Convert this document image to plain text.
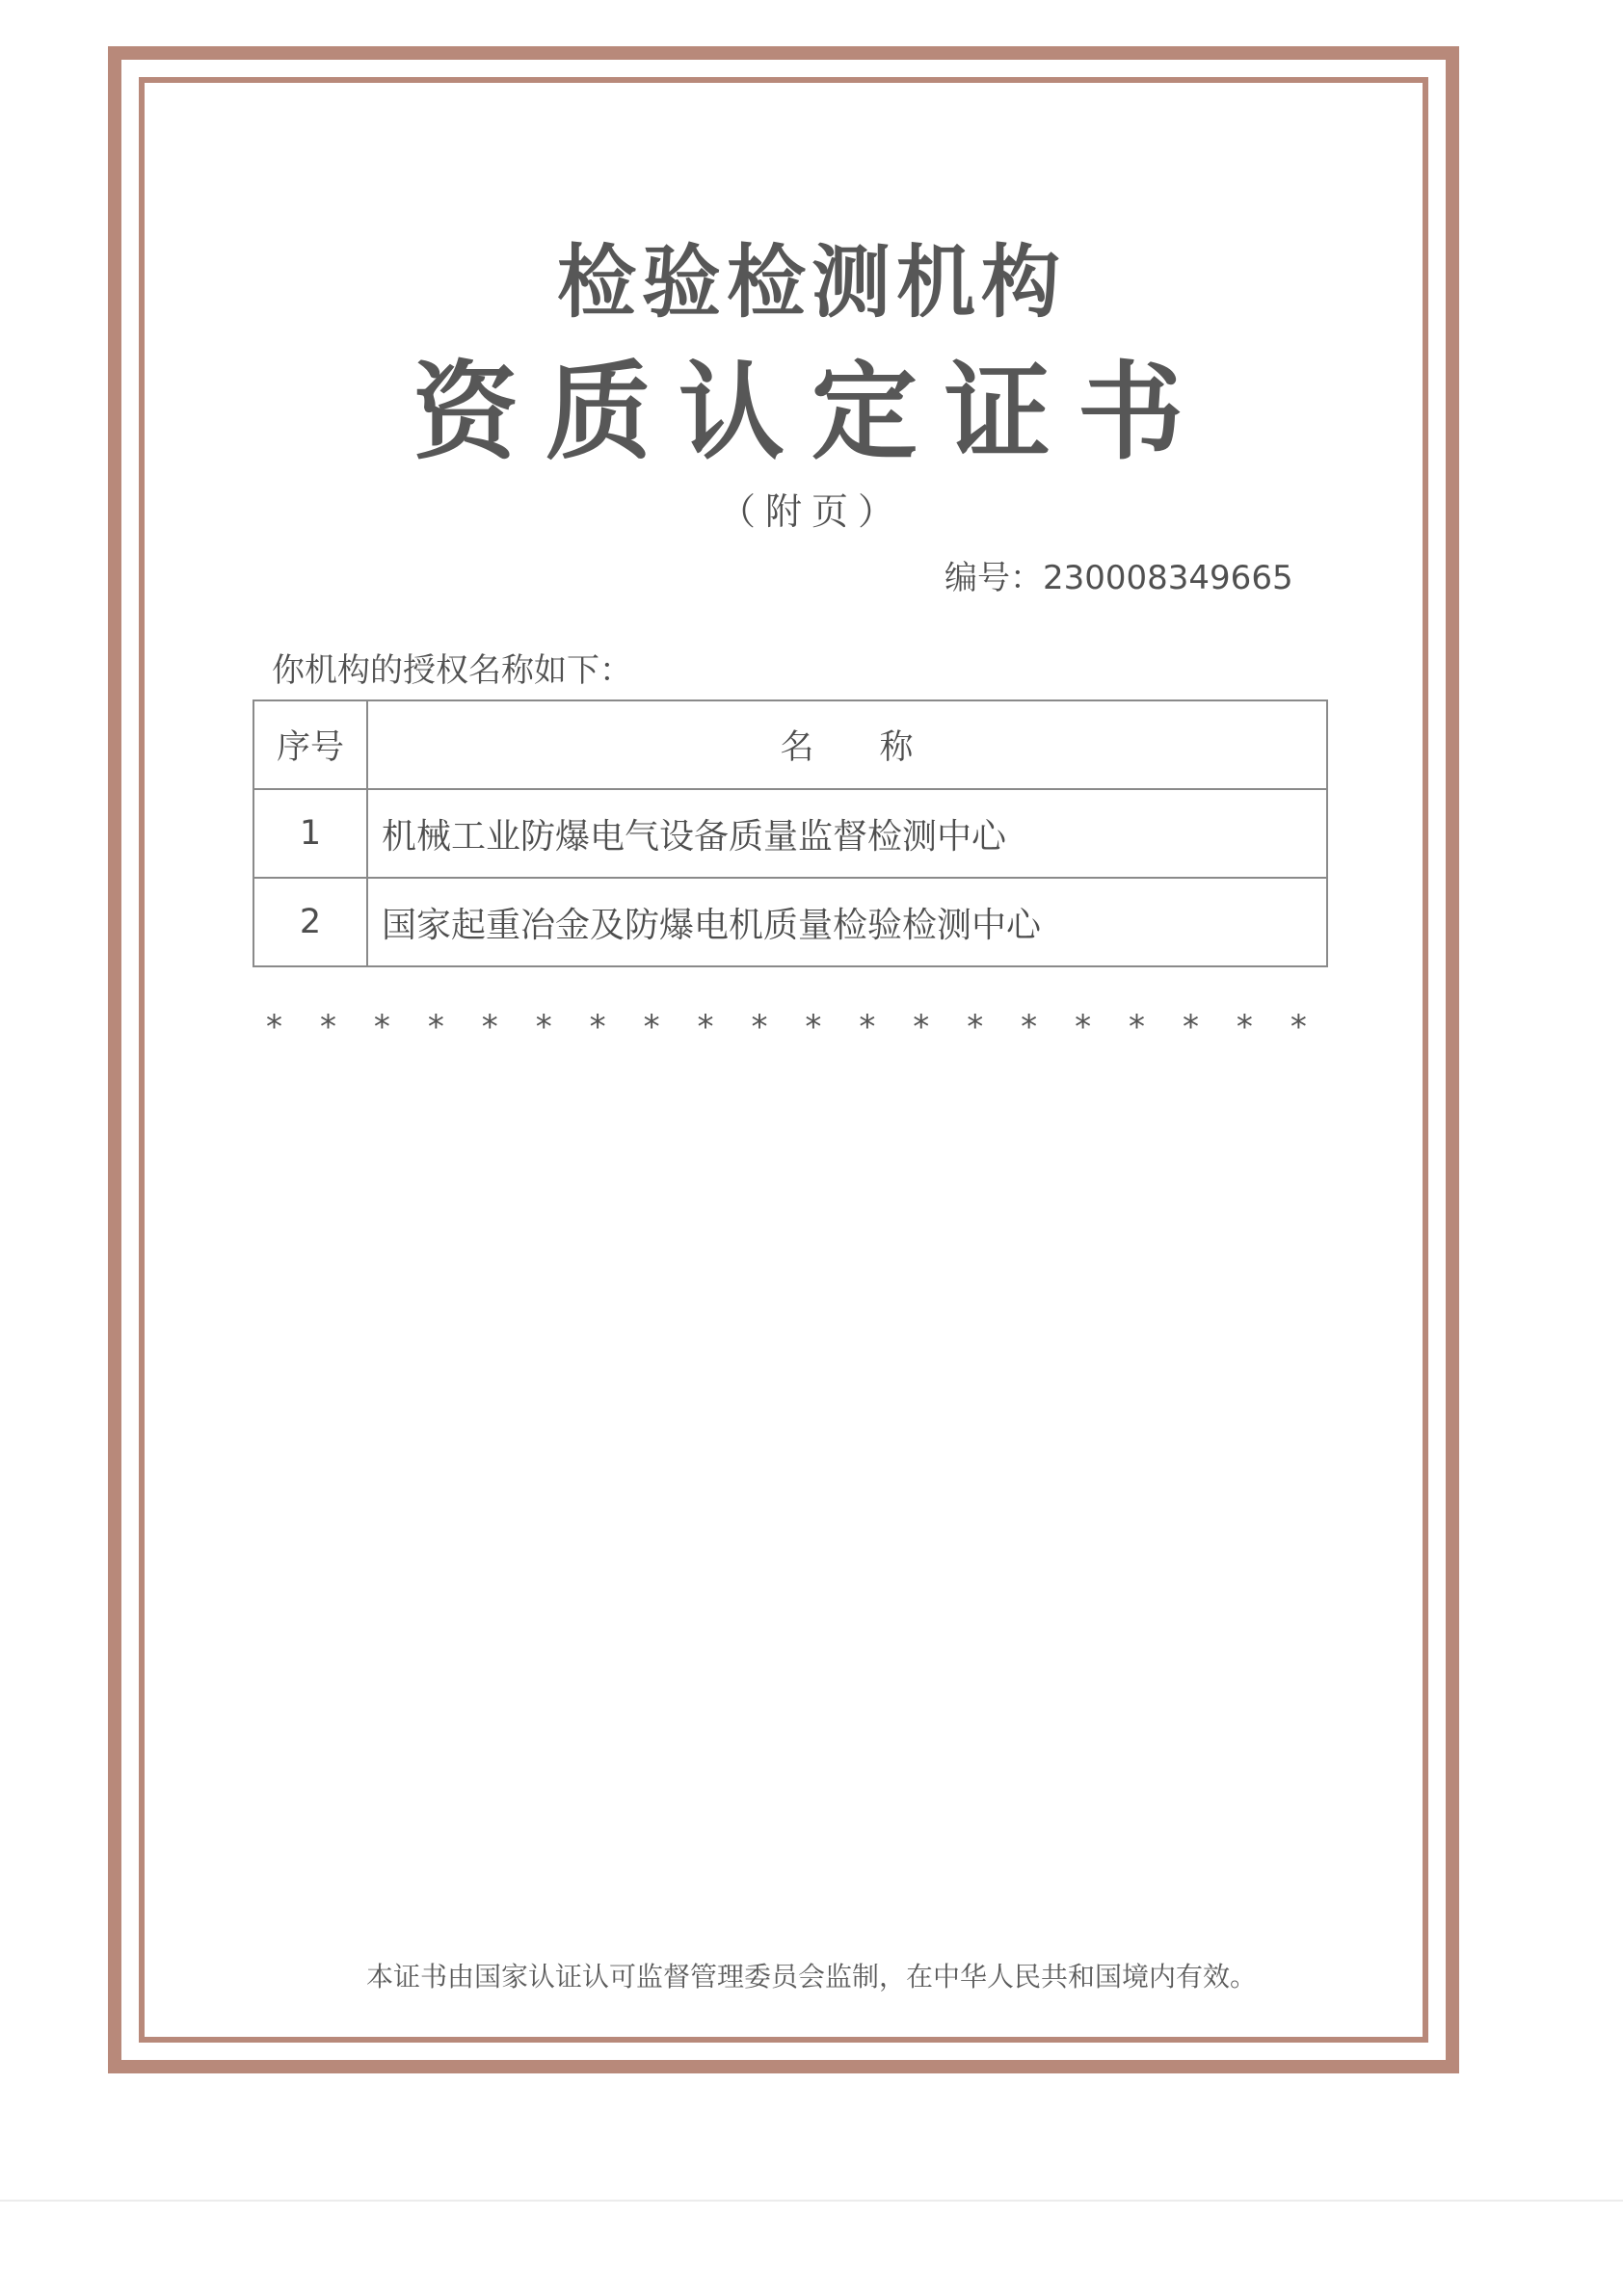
检验检测机构
资质认定证书
（附页）
编号：230008349665
你机构的授权名称如下：
序号	名称
1	机械工业防爆电气设备质量监督检测中心
2	国家起重冶金及防爆电机质量检验检测中心
* * * * * * * * * * * * * * * * * * * *
本证书由国家认证认可监督管理委员会监制，在中华人民共和国境内有效。
